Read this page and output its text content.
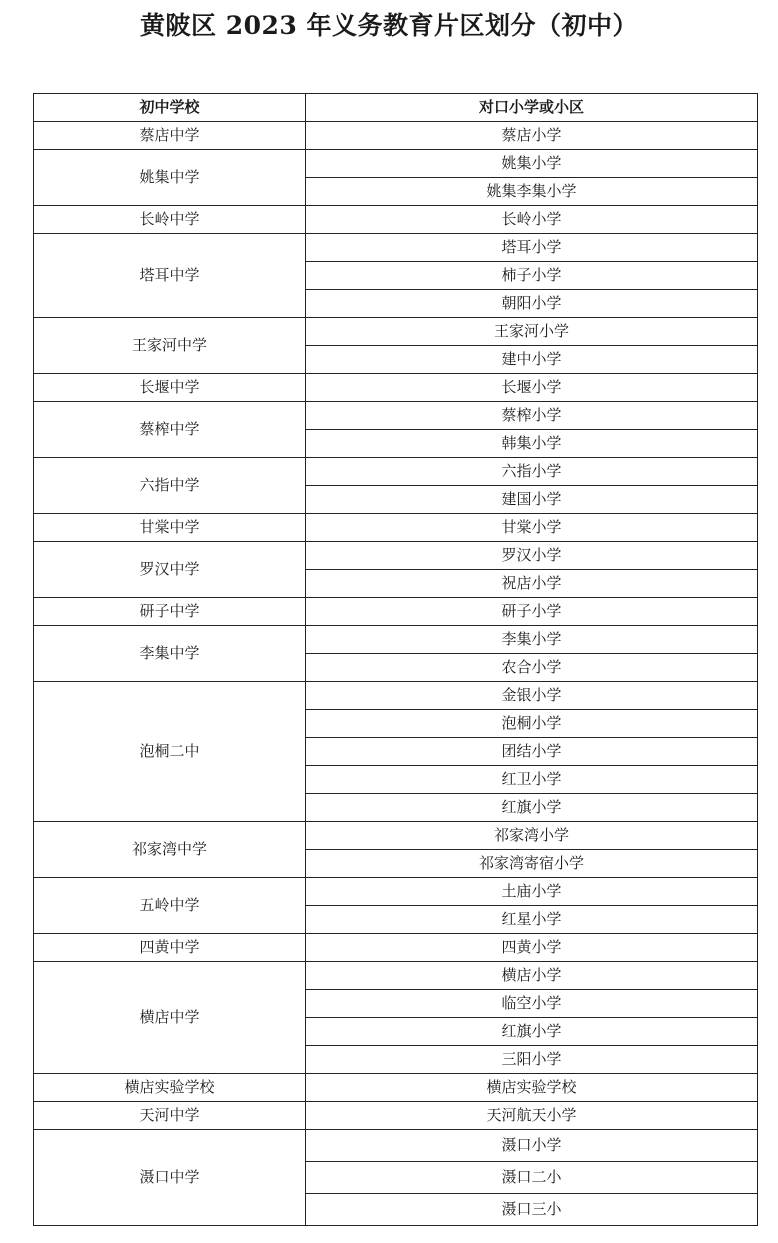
黄陂区 2023 年义务教育片区划分（初中）
初中学校	对口小学或小区
蔡店中学	蔡店小学
姚集中学	姚集小学
	姚集李集小学
长岭中学	长岭小学
塔耳中学	塔耳小学
	柿子小学
	朝阳小学
王家河中学	王家河小学
	建中小学
长堰中学	长堰小学
蔡榨中学	蔡榨小学
	韩集小学
六指中学	六指小学
	建国小学
甘棠中学	甘棠小学
罗汉中学	罗汉小学
	祝店小学
研子中学	研子小学
李集中学	李集小学
	农合小学
泡桐二中	金银小学
	泡桐小学
	团结小学
	红卫小学
	红旗小学
祁家湾中学	祁家湾小学
	祁家湾寄宿小学
五岭中学	土庙小学
	红星小学
四黄中学	四黄小学
横店中学	横店小学
	临空小学
	红旗小学
	三阳小学
横店实验学校	横店实验学校
天河中学	天河航天小学
滠口中学	滠口小学
	滠口二小
	滠口三小
